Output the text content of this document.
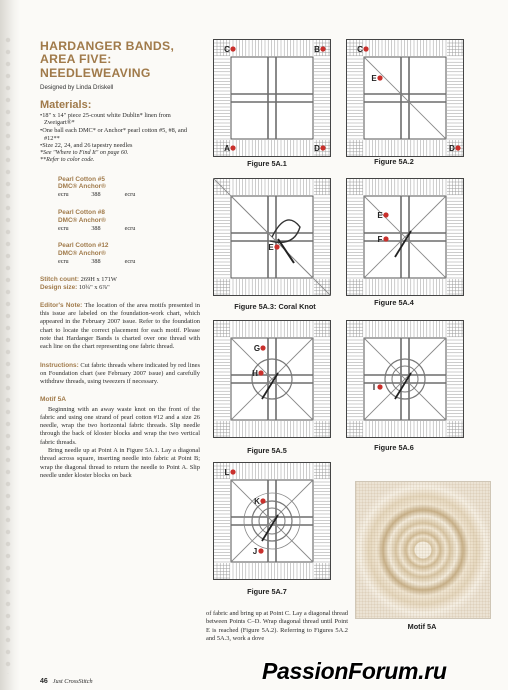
HARDANGER BANDS,
AREA FIVE:
NEEDLEWEAVING
Designed by Linda Driskell
Materials:
•18" x 14" piece 25-count white Dublin* linen from Zweigart®*
•One ball each DMC* or Anchor* pearl cotton #5, #8, and #12**
•Size 22, 24, and 26 tapestry needles
*See "Where to Find It" on page 60.
**Refer to color code.
Pearl Cotton #5
DMC® Anchor®
ecru	388	ecru
Pearl Cotton #8
DMC® Anchor®
ecru	388	ecru
Pearl Cotton #12
DMC® Anchor®
ecru	388	ecru
Stitch count: 269H x 171W
Design size: 10¾" x 6⅞"
Editor's Note: The location of the area motifs presented in this issue are labeled on the foundation-work chart, which appeared in the February 2007 issue. Refer to the foundation chart to locate the correct placement for each motif. Please note that Hardanger Bands is charted over one thread with each line on the chart representing one fabric thread.
Instructions: Cut fabric threads where indicated by red lines on Foundation chart (see February 2007 issue) and carefully withdraw threads, using tweezers if necessary.
Motif 5A
Beginning with an away waste knot on the front of the fabric and using one strand of pearl cotton #12 and a size 26 needle, wrap the two horizontal fabric threads. Slip needle through the back of kloster blocks and wrap the two vertical fabric threads.
Bring needle up at Point A in Figure 5A.1. Lay a diagonal thread across square, inserting needle into fabric at Point B; wrap the diagonal thread to return the needle to Point A. Slip needle under kloster blocks on back
of fabric and bring up at Point C. Lay a diagonal thread between Points C–D. Wrap diagonal thread until Point E is reached (Figure 5A.2). Referring to Figures 5A.2 and 5A.3, work a dove
C	B
A	D
Figure 5A.1
C
E
D
Figure 5A.2
E
Figure 5A.3: Coral Knot
E
F
Figure 5A.4
G
H
Figure 5A.5
I
Figure 5A.6
L
K
J
Figure 5A.7
Motif 5A
46 Just CrossStitch	PassionForum.ru
